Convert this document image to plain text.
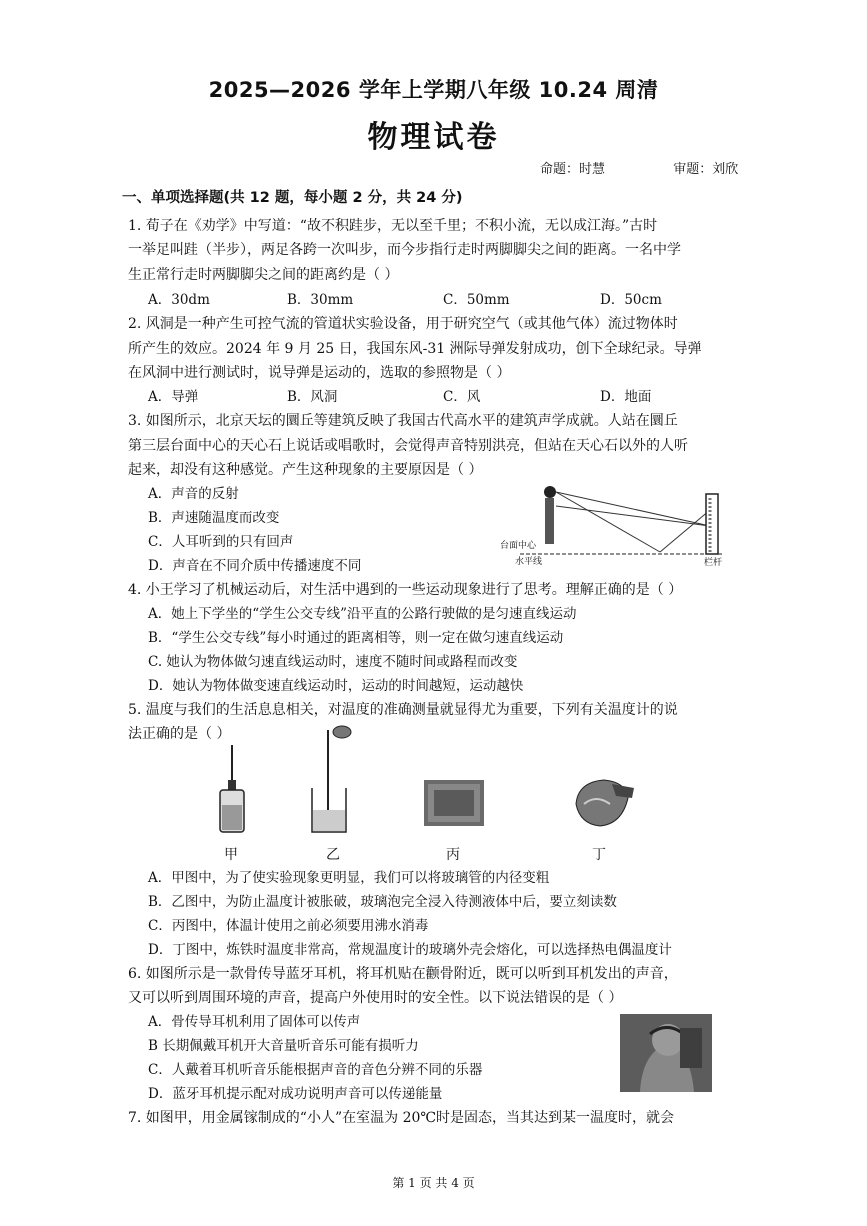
2025—2026 学年上学期八年级 10.24 周清
物理试卷
命题：时慧	审题：刘欣
一、单项选择题(共 12 题，每小题 2 分，共 24 分)
1. 荀子在《劝学》中写道：“故不积跬步，无以至千里；不积小流，无以成江海。”古时
一举足叫跬（半步），两足各跨一次叫步，而今步指行走时两脚脚尖之间的距离。一名中学
生正常行走时两脚脚尖之间的距离约是（ ）
A．30dm	B．30mm	C．50mm	D．50cm
2. 风洞是一种产生可控气流的管道状实验设备，用于研究空气（或其他气体）流过物体时
所产生的效应。2024 年 9 月 25 日，我国东风-31 洲际导弹发射成功，创下全球纪录。导弹
在风洞中进行测试时，说导弹是运动的，选取的参照物是（ ）
A．导弹	B．风洞	C．风	D．地面
3. 如图所示，北京天坛的圜丘等建筑反映了我国古代高水平的建筑声学成就。人站在圜丘
第三层台面中心的天心石上说话或唱歌时，会觉得声音特别洪亮，但站在天心石以外的人听
起来，却没有这种感觉。产生这种现象的主要原因是（ ）
A．声音的反射
B．声速随温度而改变
C．人耳听到的只有回声
D．声音在不同介质中传播速度不同
台面中心
水平线	栏杆
4. 小王学习了机械运动后，对生活中遇到的一些运动现象进行了思考。理解正确的是（ ）
A．她上下学坐的“学生公交专线”沿平直的公路行驶做的是匀速直线运动
B．“学生公交专线”每小时通过的距离相等，则一定在做匀速直线运动
C. 她认为物体做匀速直线运动时，速度不随时间或路程而改变
D．她认为物体做变速直线运动时，运动的时间越短，运动越快
5. 温度与我们的生活息息相关，对温度的准确测量就显得尤为重要，下列有关温度计的说
法正确的是（ ）
甲	乙	丙	丁
A．甲图中，为了使实验现象更明显，我们可以将玻璃管的内径变粗
B．乙图中，为防止温度计被胀破，玻璃泡完全浸入待测液体中后，要立刻读数
C．丙图中，体温计使用之前必须要用沸水消毒
D．丁图中，炼铁时温度非常高，常规温度计的玻璃外壳会熔化，可以选择热电偶温度计
6. 如图所示是一款骨传导蓝牙耳机，将耳机贴在颧骨附近，既可以听到耳机发出的声音，
又可以听到周围环境的声音，提高户外使用时的安全性。以下说法错误的是（ ）
A．骨传导耳机利用了固体可以传声
B 长期佩戴耳机开大音量听音乐可能有损听力
C．人戴着耳机听音乐能根据声音的音色分辨不同的乐器
D．蓝牙耳机提示配对成功说明声音可以传递能量
7. 如图甲，用金属镓制成的“小人”在室温为 20℃时是固态，当其达到某一温度时，就会
第 1 页 共 4 页
